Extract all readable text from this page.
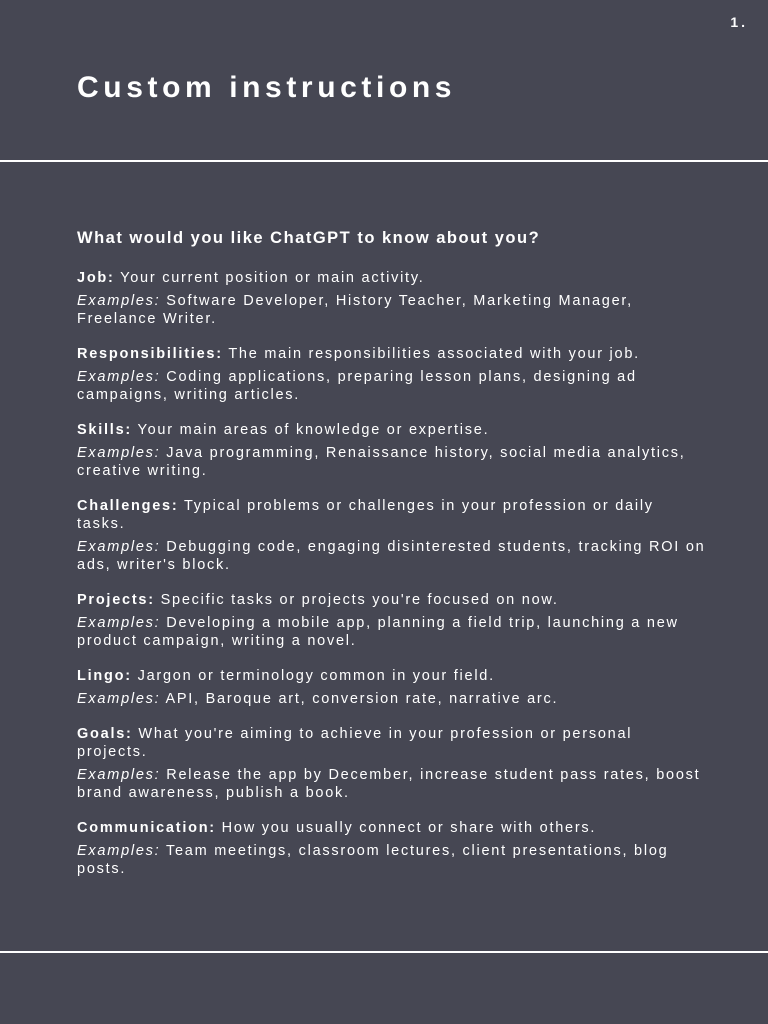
1.
Custom instructions
What would you like ChatGPT to know about you?

Job: Your current position or main activity.

Examples: Software Developer, History Teacher, Marketing Manager, Freelance Writer.

Responsibilities: The main responsibilities associated with your job.

Examples: Coding applications, preparing lesson plans, designing ad campaigns, writing articles.

Skills: Your main areas of knowledge or expertise.

Examples: Java programming, Renaissance history, social media analytics, creative writing.

Challenges: Typical problems or challenges in your profession or daily tasks.

Examples: Debugging code, engaging disinterested students, tracking ROI on ads, writer's block.

Projects: Specific tasks or projects you're focused on now.

Examples: Developing a mobile app, planning a field trip, launching a new product campaign, writing a novel.

Lingo: Jargon or terminology common in your field.

Examples: API, Baroque art, conversion rate, narrative arc.

Goals: What you're aiming to achieve in your profession or personal projects.

Examples: Release the app by December, increase student pass rates, boost brand awareness, publish a book.

Communication: How you usually connect or share with others.

Examples: Team meetings, classroom lectures, client presentations, blog posts.
